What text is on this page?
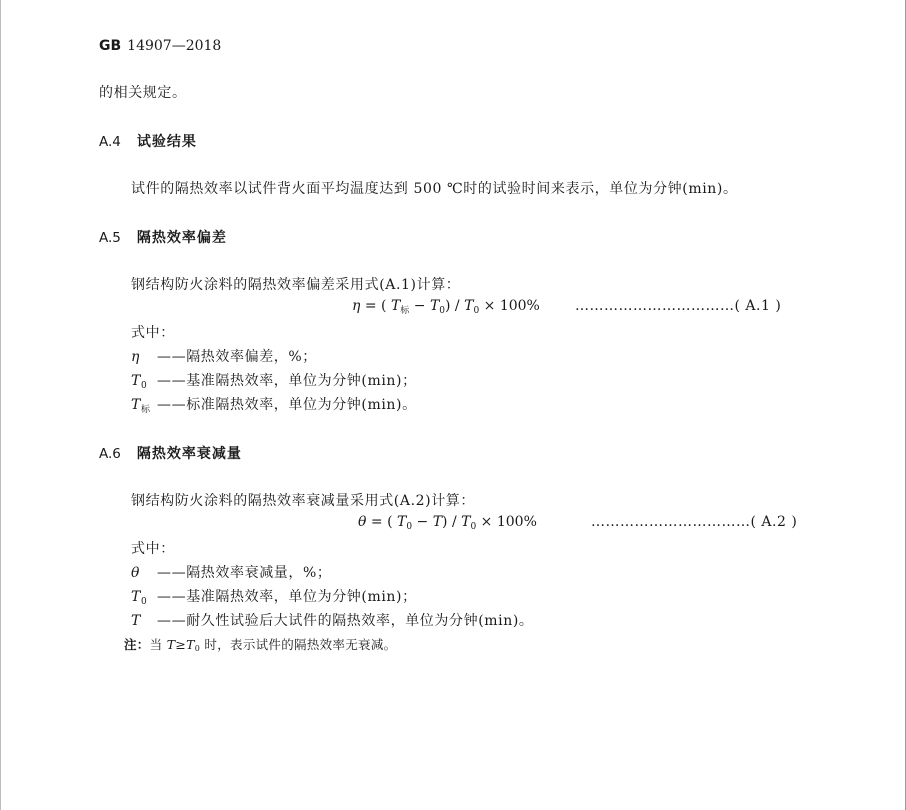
GB 14907—2018
的相关规定。
A.4 试验结果
试件的隔热效率以试件背火面平均温度达到 500 ℃时的试验时间来表示，单位为分钟(min)。
A.5 隔热效率偏差
钢结构防火涂料的隔热效率偏差采用式(A.1)计算：
η = ( $T_标 - T_0) / T_0 \times 100\%$	……………………………( A.1 )
式中：
η ——隔热效率偏差，%；
$T_0$ ——基准隔热效率，单位为分钟(min)；
$T_标$ ——标准隔热效率，单位为分钟(min)。
A.6 隔热效率衰减量
钢结构防火涂料的隔热效率衰减量采用式(A.2)计算：
θ = ( $T_0 - T) / T_0 \times 100\%$	……………………………( A.2 )
式中：
θ ——隔热效率衰减量，%；
$T_0$ ——基准隔热效率，单位为分钟(min)；
T ——耐久性试验后大试件的隔热效率，单位为分钟(min)。
注：当 $T\ge T_0$ 时，表示试件的隔热效率无衰减。
